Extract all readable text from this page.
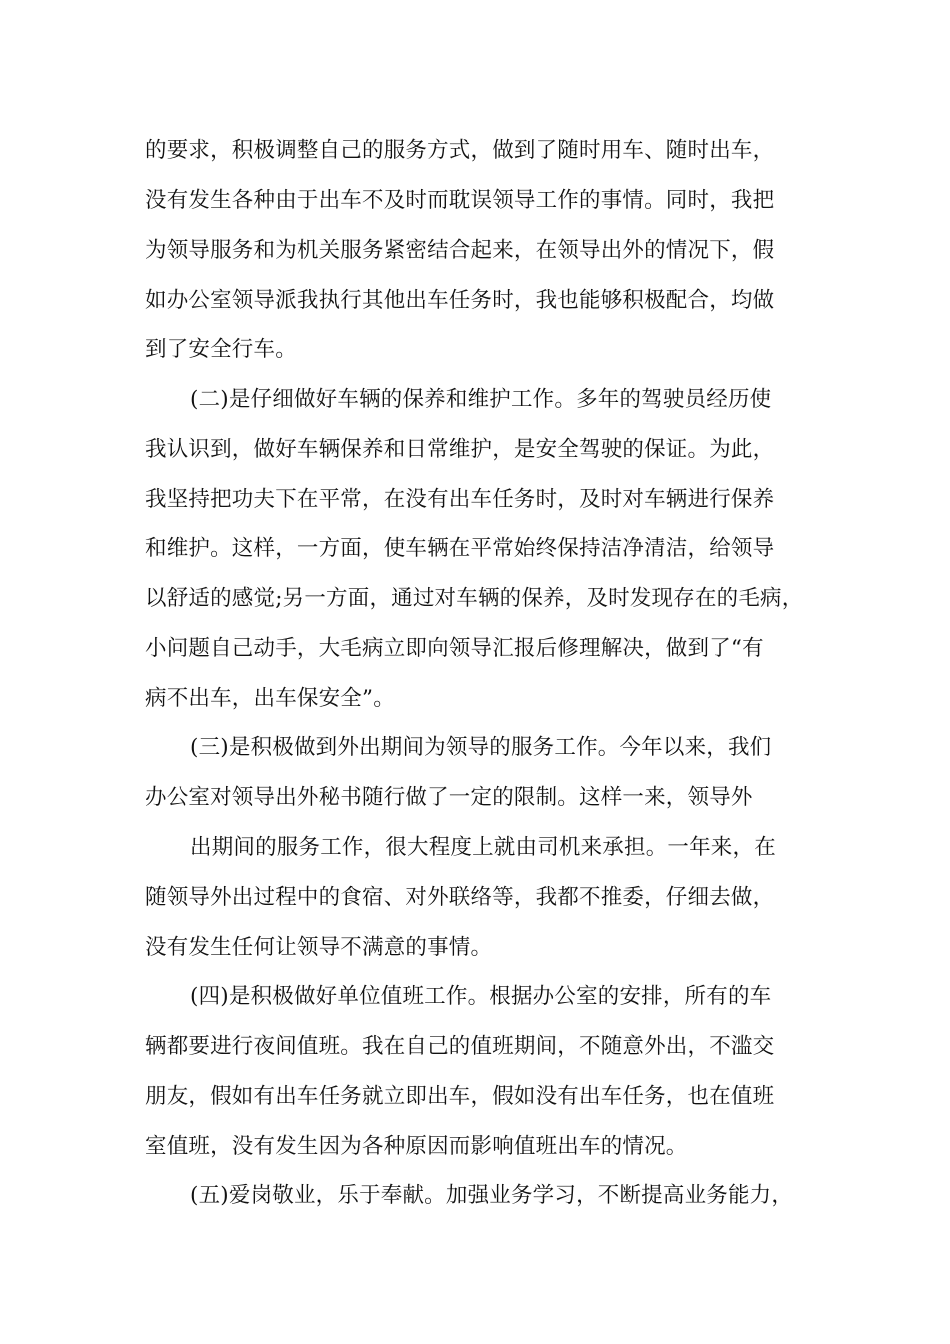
的要求，积极调整自己的服务方式，做到了随时用车、随时出车，
没有发生各种由于出车不及时而耽误领导工作的事情。同时，我把
为领导服务和为机关服务紧密结合起来，在领导出外的情况下，假
如办公室领导派我执行其他出车任务时，我也能够积极配合，均做
到了安全行车。
(二)是仔细做好车辆的保养和维护工作。多年的驾驶员经历使
我认识到，做好车辆保养和日常维护，是安全驾驶的保证。为此，
我坚持把功夫下在平常，在没有出车任务时，及时对车辆进行保养
和维护。这样，一方面，使车辆在平常始终保持洁净清洁，给领导
以舒适的感觉;另一方面，通过对车辆的保养，及时发现存在的毛病，
小问题自己动手，大毛病立即向领导汇报后修理解决，做到了“有
病不出车，出车保安全”。
(三)是积极做到外出期间为领导的服务工作。今年以来，我们
办公室对领导出外秘书随行做了一定的限制。这样一来，领导外
出期间的服务工作，很大程度上就由司机来承担。一年来，在
随领导外出过程中的食宿、对外联络等，我都不推委，仔细去做，
没有发生任何让领导不满意的事情。
(四)是积极做好单位值班工作。根据办公室的安排，所有的车
辆都要进行夜间值班。我在自己的值班期间，不随意外出，不滥交
朋友，假如有出车任务就立即出车，假如没有出车任务，也在值班
室值班，没有发生因为各种原因而影响值班出车的情况。
(五)爱岗敬业，乐于奉献。加强业务学习，不断提高业务能力，
